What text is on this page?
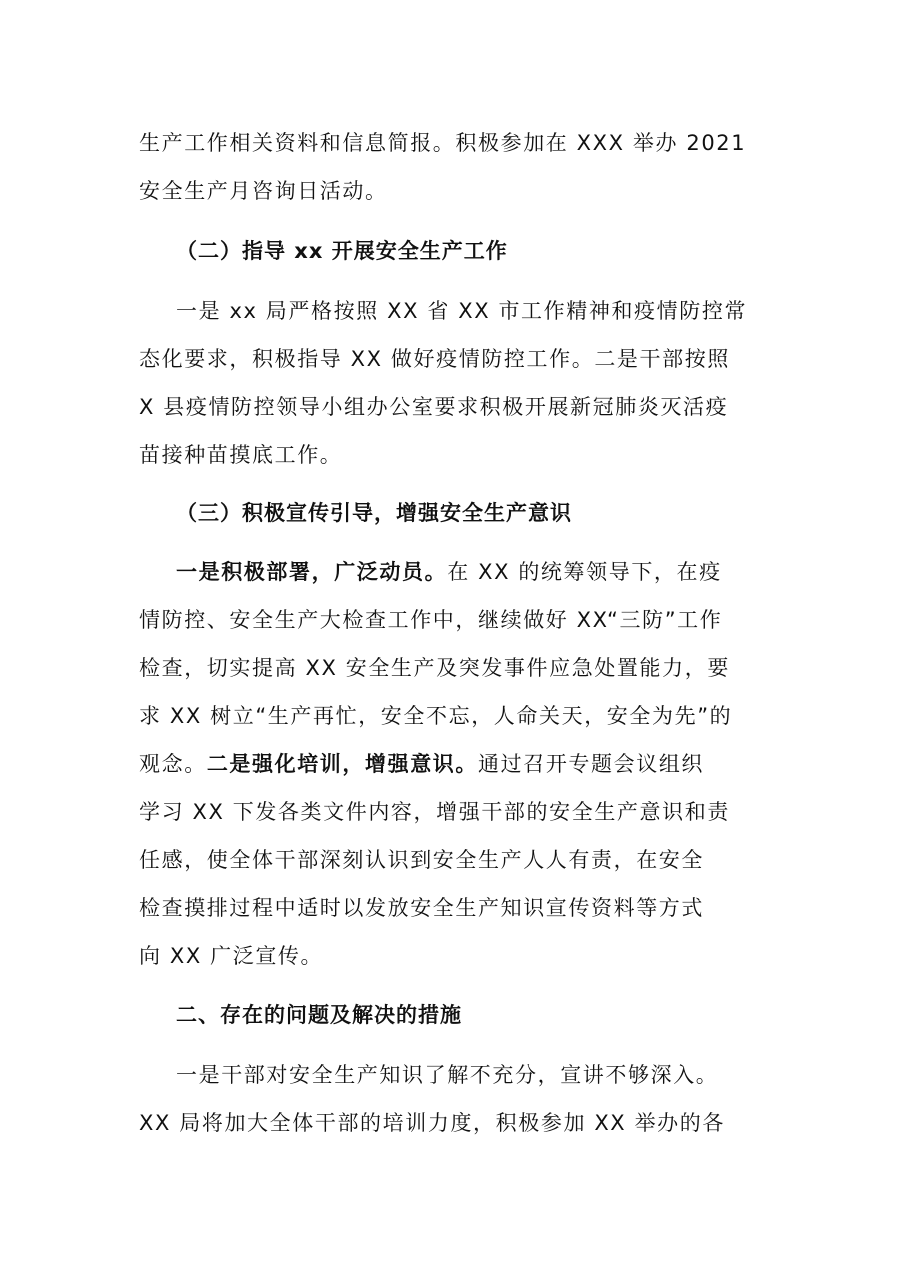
生产工作相关资料和信息简报。积极参加在 XXX 举办 2021
安全生产月咨询日活动。
（二）指导 xx 开展安全生产工作
一是 xx 局严格按照 XX 省 XX 市工作精神和疫情防控常
态化要求，积极指导 XX 做好疫情防控工作。二是干部按照
X 县疫情防控领导小组办公室要求积极开展新冠肺炎灭活疫
苗接种苗摸底工作。
（三）积极宣传引导，增强安全生产意识
一是积极部署，广泛动员。在 XX 的统筹领导下，在疫
情防控、安全生产大检查工作中，继续做好 XX“三防”工作
检查，切实提高 XX 安全生产及突发事件应急处置能力，要
求 XX 树立“生产再忙，安全不忘，人命关天，安全为先”的
观念。二是强化培训，增强意识。通过召开专题会议组织
学习 XX 下发各类文件内容，增强干部的安全生产意识和责
任感，使全体干部深刻认识到安全生产人人有责，在安全
检查摸排过程中适时以发放安全生产知识宣传资料等方式
向 XX 广泛宣传。
二、存在的问题及解决的措施
一是干部对安全生产知识了解不充分，宣讲不够深入。
XX 局将加大全体干部的培训力度，积极参加 XX 举办的各
